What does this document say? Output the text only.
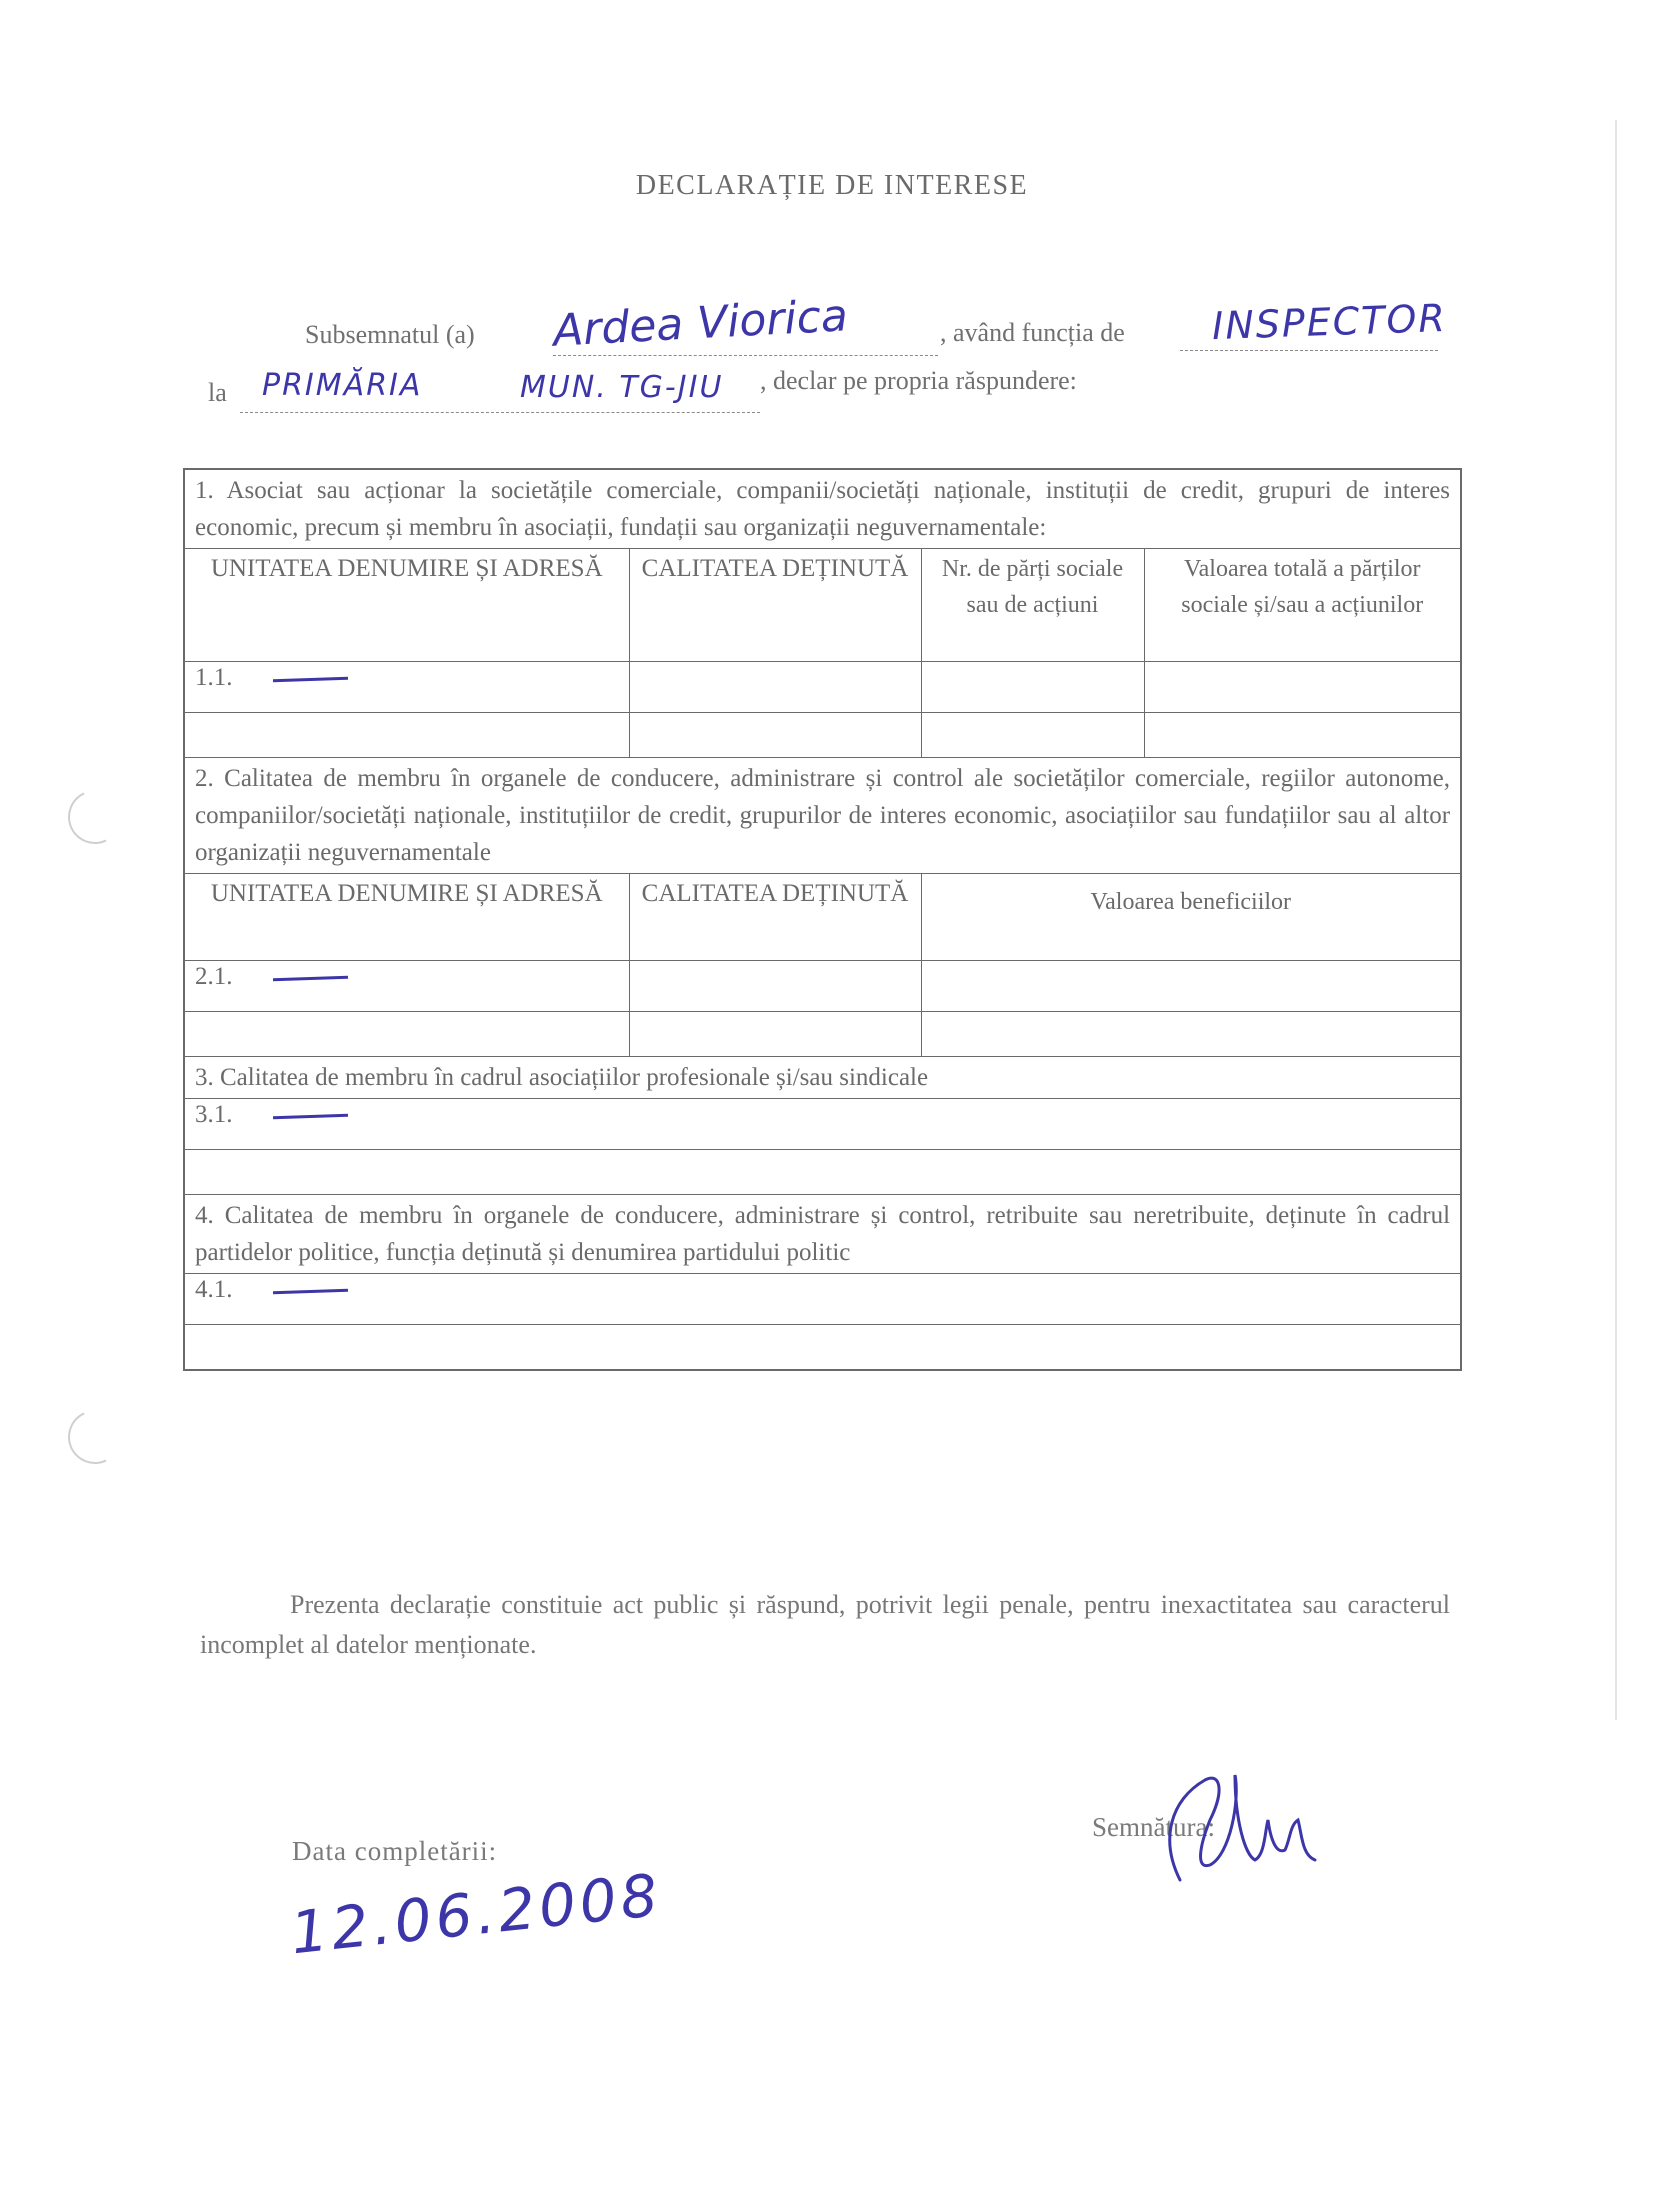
DECLARAȚIE DE INTERESE
Subsemnatul (a) Ardea Viorica	, având funcția de INSPECTOR
la PRIMĂRIA	MUN. TG-JIU , declar pe propria răspundere:
1. Asociat sau acționar la societățile comerciale, companii/societăți naționale, instituții de credit, grupuri de interes economic, precum și membru în asociații, fundații sau organizații neguvernamentale:			
UNITATEA DENUMIRE ȘI ADRESĂ	CALITATEA DEȚINUTĂ	Nr. de părți sociale sau de acțiuni	Valoarea totală a părților sociale și/sau a acțiunilor
1.1.			

2. Calitatea de membru în organele de conducere, administrare și control ale societăților comerciale, regiilor autonome, companiilor/societăți naționale, instituțiilor de credit, grupurilor de interes economic, asociațiilor sau fundațiilor sau al altor organizații neguvernamentale			
UNITATEA DENUMIRE ȘI ADRESĂ	CALITATEA DEȚINUTĂ	Valoarea beneficiilor	
2.1.			

3. Calitatea de membru în cadrul asociațiilor profesionale și/sau sindicale			
3.1.			

4. Calitatea de membru în organele de conducere, administrare și control, retribuite sau neretribuite, deținute în cadrul partidelor politice, funcția deținută și denumirea partidului politic			
4.1.			

Prezenta declarație constituie act public și răspund, potrivit legii penale, pentru inexactitatea sau caracterul incomplet al datelor menționate.
Data completării:
12.06.2008
Semnătura:
